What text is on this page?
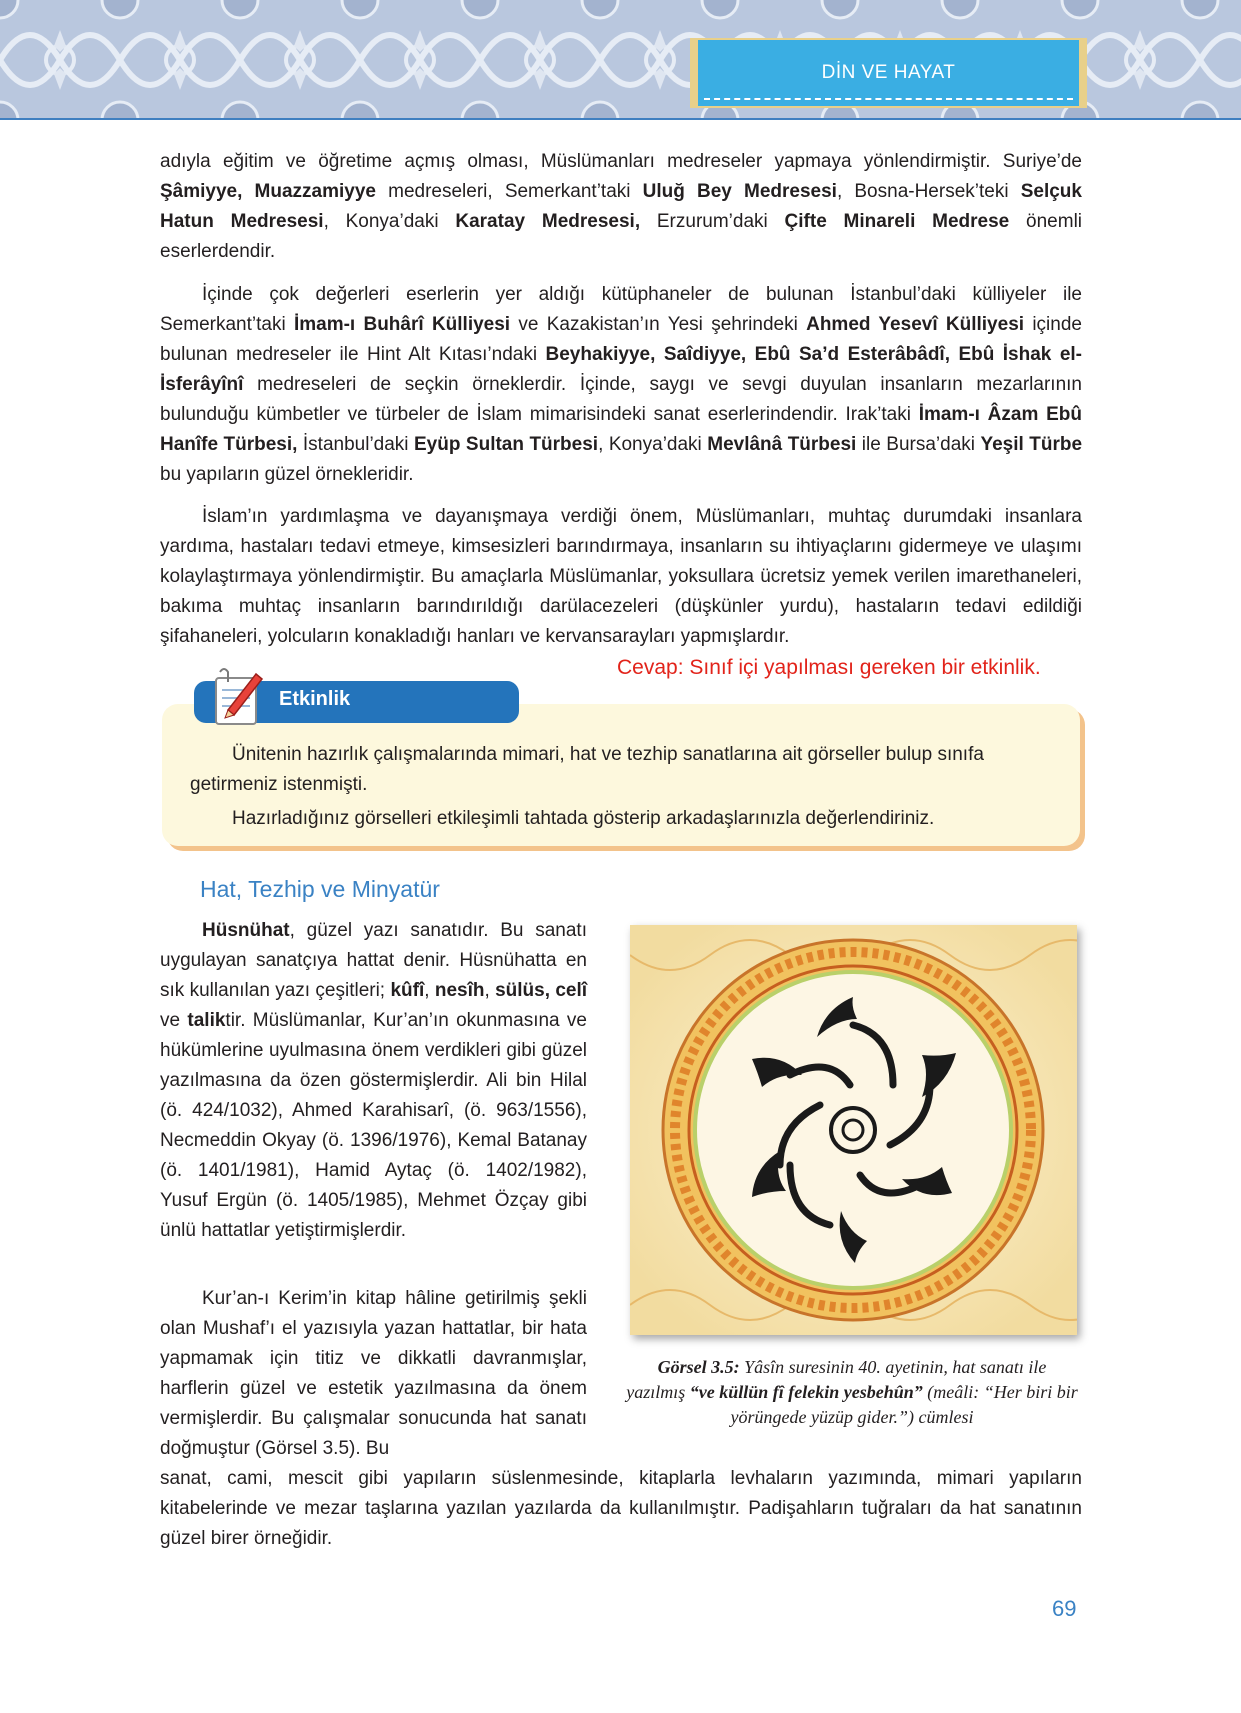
DİN VE HAYAT

adıyla eğitim ve öğretime açmış olması, Müslümanları medreseler yapmaya yönlendirmiştir. Suriye’de Şâmiyye, Muazzamiyye medreseleri, Semerkant’taki Uluğ Bey Medresesi, Bosna-Hersek’teki Selçuk Hatun Medresesi, Konya’daki Karatay Medresesi, Erzurum’daki Çifte Minareli Medrese önemli eserlerdendir.

İçinde çok değerleri eserlerin yer aldığı kütüphaneler de bulunan İstanbul’daki külliyeler ile Semerkant’taki İmam-ı Buhârî Külliyesi ve Kazakistan’ın Yesi şehrindeki Ahmed Yesevî Külliyesi içinde bulunan medreseler ile Hint Alt Kıtası’ndaki Beyhakiyye, Saîdiyye, Ebû Sa’d Esterâbâdî, Ebû İshak el-İsferâyînî medreseleri de seçkin örneklerdir. İçinde, saygı ve sevgi duyulan insanların mezarlarının bulunduğu kümbetler ve türbeler de İslam mimarisindeki sanat eserlerindendir. Irak’taki İmam-ı Âzam Ebû Hanîfe Türbesi, İstanbul’daki Eyüp Sultan Türbesi, Konya’daki Mevlânâ Türbesi ile Bursa’daki Yeşil Türbe bu yapıların güzel örnekleridir.

İslam’ın yardımlaşma ve dayanışmaya verdiği önem, Müslümanları, muhtaç durumdaki insanlara yardıma, hastaları tedavi etmeye, kimsesizleri barındırmaya, insanların su ihtiyaçlarını gidermeye ve ulaşımı kolaylaştırmaya yönlendirmiştir. Bu amaçlarla Müslümanlar, yoksullara ücretsiz yemek verilen imarethaneleri, bakıma muhtaç insanların barındırıldığı darülacezeleri (düşkünler yurdu), hastaların tedavi edildiği şifahaneleri, yolcuların konakladığı hanları ve kervansarayları yapmışlardır.

Cevap: Sınıf içi yapılması gereken bir etkinlik.
Etkinlik

Ünitenin hazırlık çalışmalarında mimari, hat ve tezhip sanatlarına ait görseller bulup sınıfa getirmeniz istenmişti.

Hazırladığınız görselleri etkileşimli tahtada gösterip arkadaşlarınızla değerlendiriniz.

Hat, Tezhip ve Minyatür

Hüsnühat, güzel yazı sanatıdır. Bu sanatı uygulayan sanatçıya hattat denir. Hüsnühatta en sık kullanılan yazı çeşitleri; kûfî, nesîh, sülüs, celî ve taliktir. Müslümanlar, Kur’an’ın okunmasına ve hükümlerine uyulmasına önem verdikleri gibi güzel yazılmasına da özen göstermişlerdir. Ali bin Hilal (ö. 424/1032), Ahmed Karahisarî, (ö. 963/1556), Necmeddin Okyay (ö. 1396/1976), Kemal Batanay (ö. 1401/1981), Hamid Aytaç (ö. 1402/1982), Yusuf Ergün (ö. 1405/1985), Mehmet Özçay gibi ünlü hattatlar yetiştirmişlerdir.

Kur’an-ı Kerim’in kitap hâline getirilmiş şekli olan Mushaf’ı el yazısıyla yazan hattatlar, bir hata yapmamak için titiz ve dikkatli davranmışlar, harflerin güzel ve estetik yazılmasına da önem vermişlerdir. Bu çalışmalar sonucunda hat sanatı doğmuştur (Görsel 3.5). Bu

sanat, cami, mescit gibi yapıların süslenmesinde, kitaplarla levhaların yazımında, mimari yapıların kitabelerinde ve mezar taşlarına yazılan yazılarda da kullanılmıştır. Padişahların tuğraları da hat sanatının güzel birer örneğidir.

Görsel 3.5: Yâsîn suresinin 40. ayetinin, hat sanatı ile yazılmış “ve küllün fî felekin yesbehûn” (meâli: “Her biri bir yörüngede yüzüp gider.”) cümlesi
69
